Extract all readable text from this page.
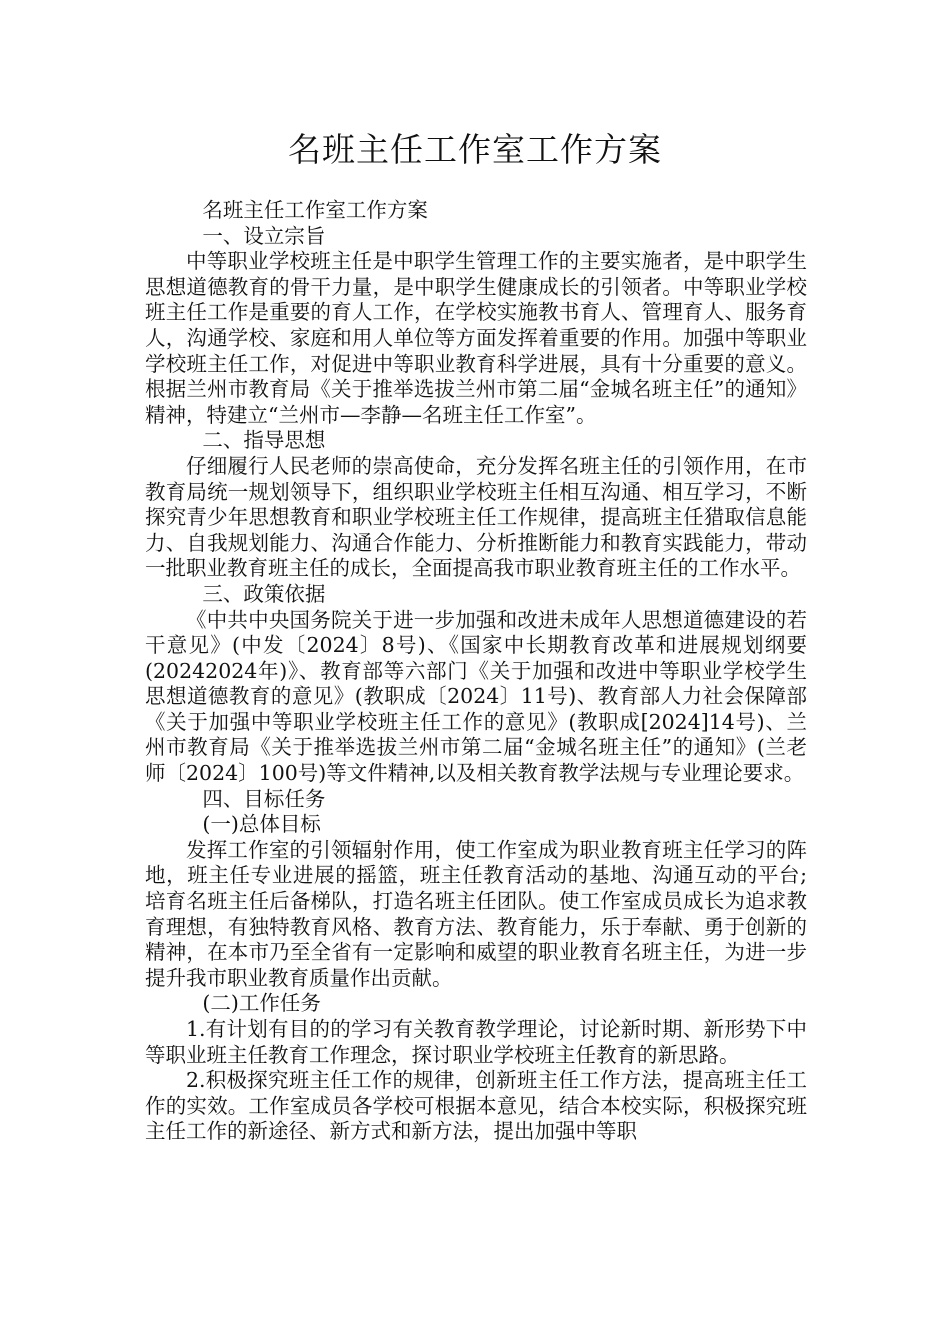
名班主任工作室工作方案

名班主任工作室工作方案

一、设立宗旨

中等职业学校班主任是中职学生管理工作的主要实施者，是中职学生思想道德教育的骨干力量，是中职学生健康成长的引领者。中等职业学校班主任工作是重要的育人工作，在学校实施教书育人、管理育人、服务育人，沟通学校、家庭和用人单位等方面发挥着重要的作用。加强中等职业学校班主任工作，对促进中等职业教育科学进展，具有十分重要的意义。根据兰州市教育局《关于推举选拔兰州市第二届“金城名班主任”的通知》精神，特建立“兰州市—李静—名班主任工作室”。

二、指导思想

仔细履行人民老师的崇高使命，充分发挥名班主任的引领作用，在市教育局统一规划领导下，组织职业学校班主任相互沟通、相互学习，不断探究青少年思想教育和职业学校班主任工作规律，提高班主任猎取信息能力、自我规划能力、沟通合作能力、分析推断能力和教育实践能力，带动一批职业教育班主任的成长，全面提高我市职业教育班主任的工作水平。

三、政策依据

《中共中央国务院关于进一步加强和改进未成年人思想道德建设的若干意见》(中发〔2024〕8号)、《国家中长期教育改革和进展规划纲要(20242024年)》、教育部等六部门《关于加强和改进中等职业学校学生思想道德教育的意见》(教职成〔2024〕11号)、教育部人力社会保障部《关于加强中等职业学校班主任工作的意见》(教职成[2024]14号)、兰州市教育局《关于推举选拔兰州市第二届“金城名班主任”的通知》(兰老师〔2024〕100号)等文件精神,以及相关教育教学法规与专业理论要求。

四、目标任务

(一)总体目标

发挥工作室的引领辐射作用，使工作室成为职业教育班主任学习的阵地，班主任专业进展的摇篮，班主任教育活动的基地、沟通互动的平台;培育名班主任后备梯队，打造名班主任团队。使工作室成员成长为追求教育理想，有独特教育风格、教育方法、教育能力，乐于奉献、勇于创新的精神，在本市乃至全省有一定影响和威望的职业教育名班主任，为进一步提升我市职业教育质量作出贡献。

(二)工作任务

1.有计划有目的的学习有关教育教学理论，讨论新时期、新形势下中等职业班主任教育工作理念，探讨职业学校班主任教育的新思路。

2.积极探究班主任工作的规律，创新班主任工作方法，提高班主任工作的实效。工作室成员各学校可根据本意见，结合本校实际，积极探究班主任工作的新途径、新方式和新方法，提出加强中等职
